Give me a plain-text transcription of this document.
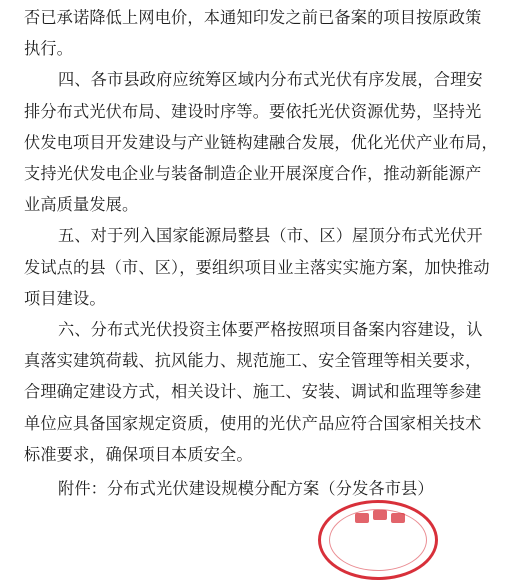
否已承诺降低上网电价，本通知印发之前已备案的项目按原政策
执行。
四、各市县政府应统筹区域内分布式光伏有序发展，合理安
排分布式光伏布局、建设时序等。要依托光伏资源优势，坚持光
伏发电项目开发建设与产业链构建融合发展，优化光伏产业布局，
支持光伏发电企业与装备制造企业开展深度合作，推动新能源产
业高质量发展。
五、对于列入国家能源局整县（市、区）屋顶分布式光伏开
发试点的县（市、区），要组织项目业主落实实施方案，加快推动
项目建设。
六、分布式光伏投资主体要严格按照项目备案内容建设，认
真落实建筑荷载、抗风能力、规范施工、安全管理等相关要求，
合理确定建设方式，相关设计、施工、安装、调试和监理等参建
单位应具备国家规定资质，使用的光伏产品应符合国家相关技术
标准要求，确保项目本质安全。
附件：分布式光伏建设规模分配方案（分发各市县）
